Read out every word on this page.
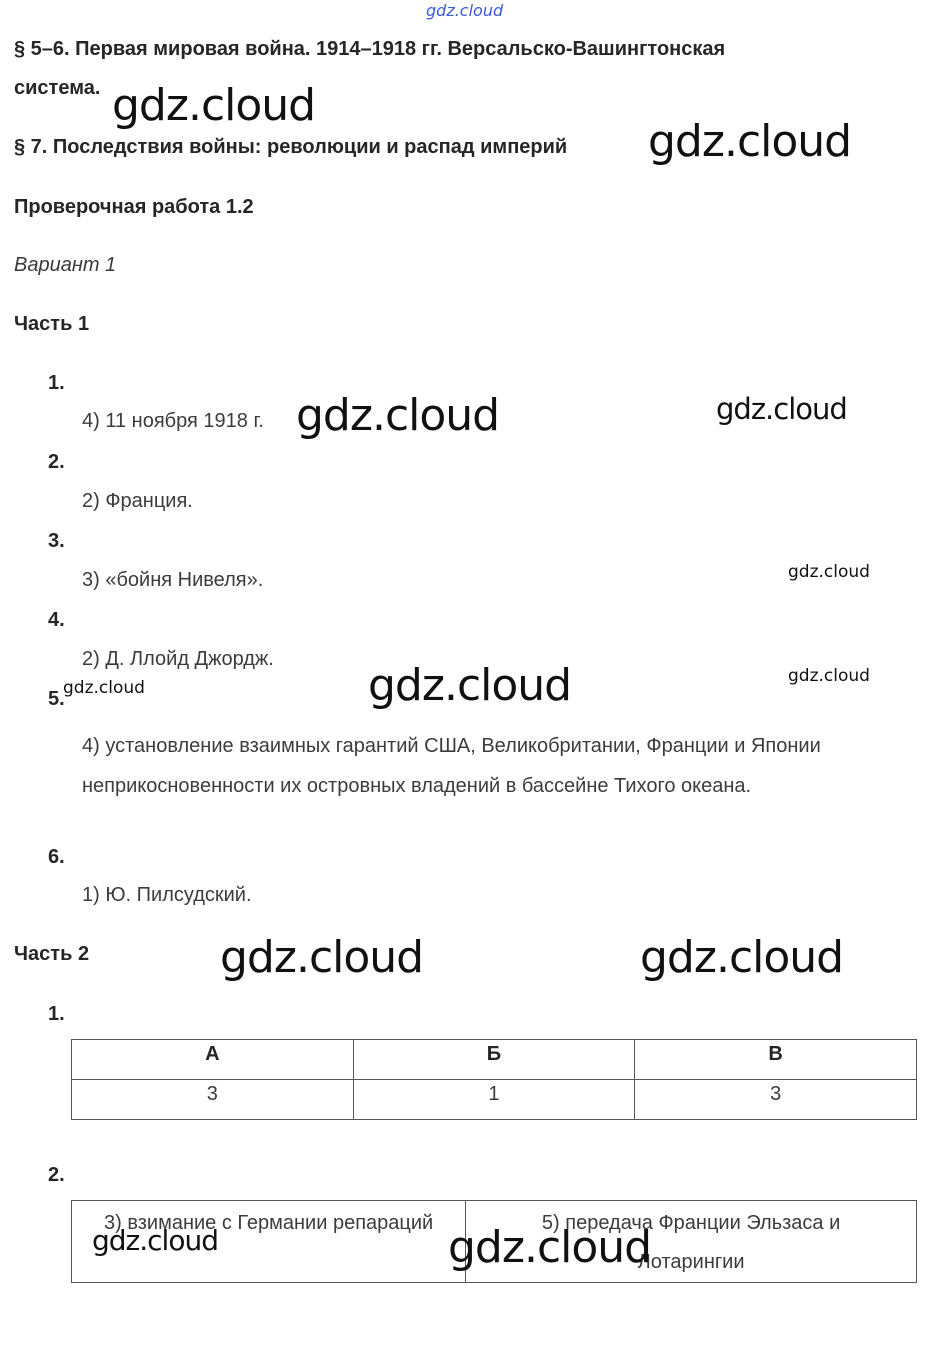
§ 5–6. Первая мировая война. 1914–1918 гг. Версальско-Вашингтонская
система.
§ 7. Последствия войны: революции и распад империй
Проверочная работа 1.2
Вариант 1
Часть 1
1.
4) 11 ноября 1918 г.
2.
2) Франция.
3.
3) «бойня Нивеля».
4.
2) Д. Ллойд Джордж.
5.
4) установление взаимных гарантий США, Великобритании, Франции и Японии неприкосновенности их островных владений в бассейне Тихого океана.
6.
1) Ю. Пилсудский.
Часть 2
1.
А	Б	В
3	1	3
2.
3) взимание с Германии репараций	5) передача Франции Эльзаса и Лотарингии
gdz.cloud
gdz.cloud
gdz.cloud
gdz.cloud	gdz.cloud
gdz.cloud
gdz.cloud	gdz.cloud
gdz.cloud
gdz.cloud	gdz.cloud
gdz.cloud	gdz.cloud
